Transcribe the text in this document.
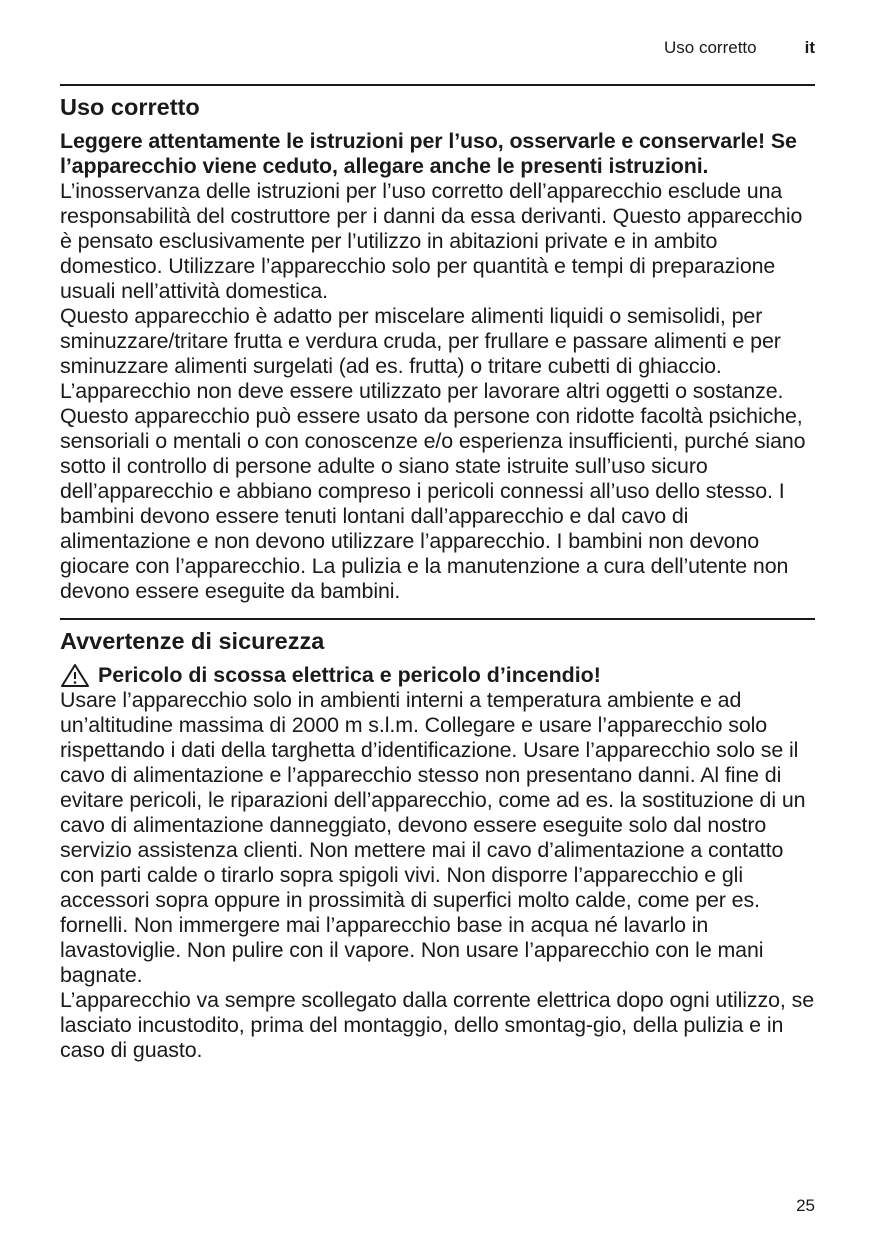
Uso corretto	it
Uso corretto

Leggere attentamente le istruzioni per l’uso, osservarle e conservarle! Se l’apparecchio viene ceduto, allegare anche le presenti istruzioni.

L’inosservanza delle istruzioni per l’uso corretto dell’apparecchio esclude una responsabilità del costruttore per i danni da essa derivanti. Questo apparecchio è pensato esclusivamente per l’utilizzo in abitazioni private e in ambito domestico. Utilizzare l’apparecchio solo per quantità e tempi di preparazione usuali nell’attività domestica.

Questo apparecchio è adatto per miscelare alimenti liquidi o semisolidi, per sminuzzare/tritare frutta e verdura cruda, per frullare e passare alimenti e per sminuzzare alimenti surgelati (ad es. frutta) o tritare cubetti di ghiaccio. L’apparecchio non deve essere utilizzato per lavorare altri oggetti o sostanze.

Questo apparecchio può essere usato da persone con ridotte facoltà psichiche, sensoriali o mentali o con conoscenze e/o esperienza insufficienti, purché siano sotto il controllo di persone adulte o siano state istruite sull’uso sicuro dell’apparecchio e abbiano compreso i pericoli connessi all’uso dello stesso. I bambini devono essere tenuti lontani dall’apparecchio e dal cavo di alimentazione e non devono utilizzare l’apparecchio. I bambini non devono giocare con l’apparecchio. La pulizia e la manutenzione a cura dell’utente non devono essere eseguite da bambini.

Avvertenze di sicurezza
Pericolo di scossa elettrica e pericolo d’incendio!

Usare l’apparecchio solo in ambienti interni a temperatura ambiente e ad un’altitudine massima di 2000 m s.l.m. Collegare e usare l’apparecchio solo rispettando i dati della targhetta d’identificazione. Usare l’apparecchio solo se il cavo di alimentazione e l’apparecchio stesso non presentano danni. Al fine di evitare pericoli, le riparazioni dell’apparecchio, come ad es. la sostituzione di un cavo di alimentazione danneggiato, devono essere eseguite solo dal nostro servizio assistenza clienti. Non mettere mai il cavo d’alimentazione a contatto con parti calde o tirarlo sopra spigoli vivi. Non disporre l’apparecchio e gli accessori sopra oppure in prossimità di superfici molto calde, come per es. fornelli. Non immergere mai l’apparecchio base in acqua né lavarlo in lavastoviglie. Non pulire con il vapore. Non usare l’apparecchio con le mani bagnate.

L’apparecchio va sempre scollegato dalla corrente elettrica dopo ogni utilizzo, se lasciato incustodito, prima del montaggio, dello smontag-gio, della pulizia e in caso di guasto.

25
